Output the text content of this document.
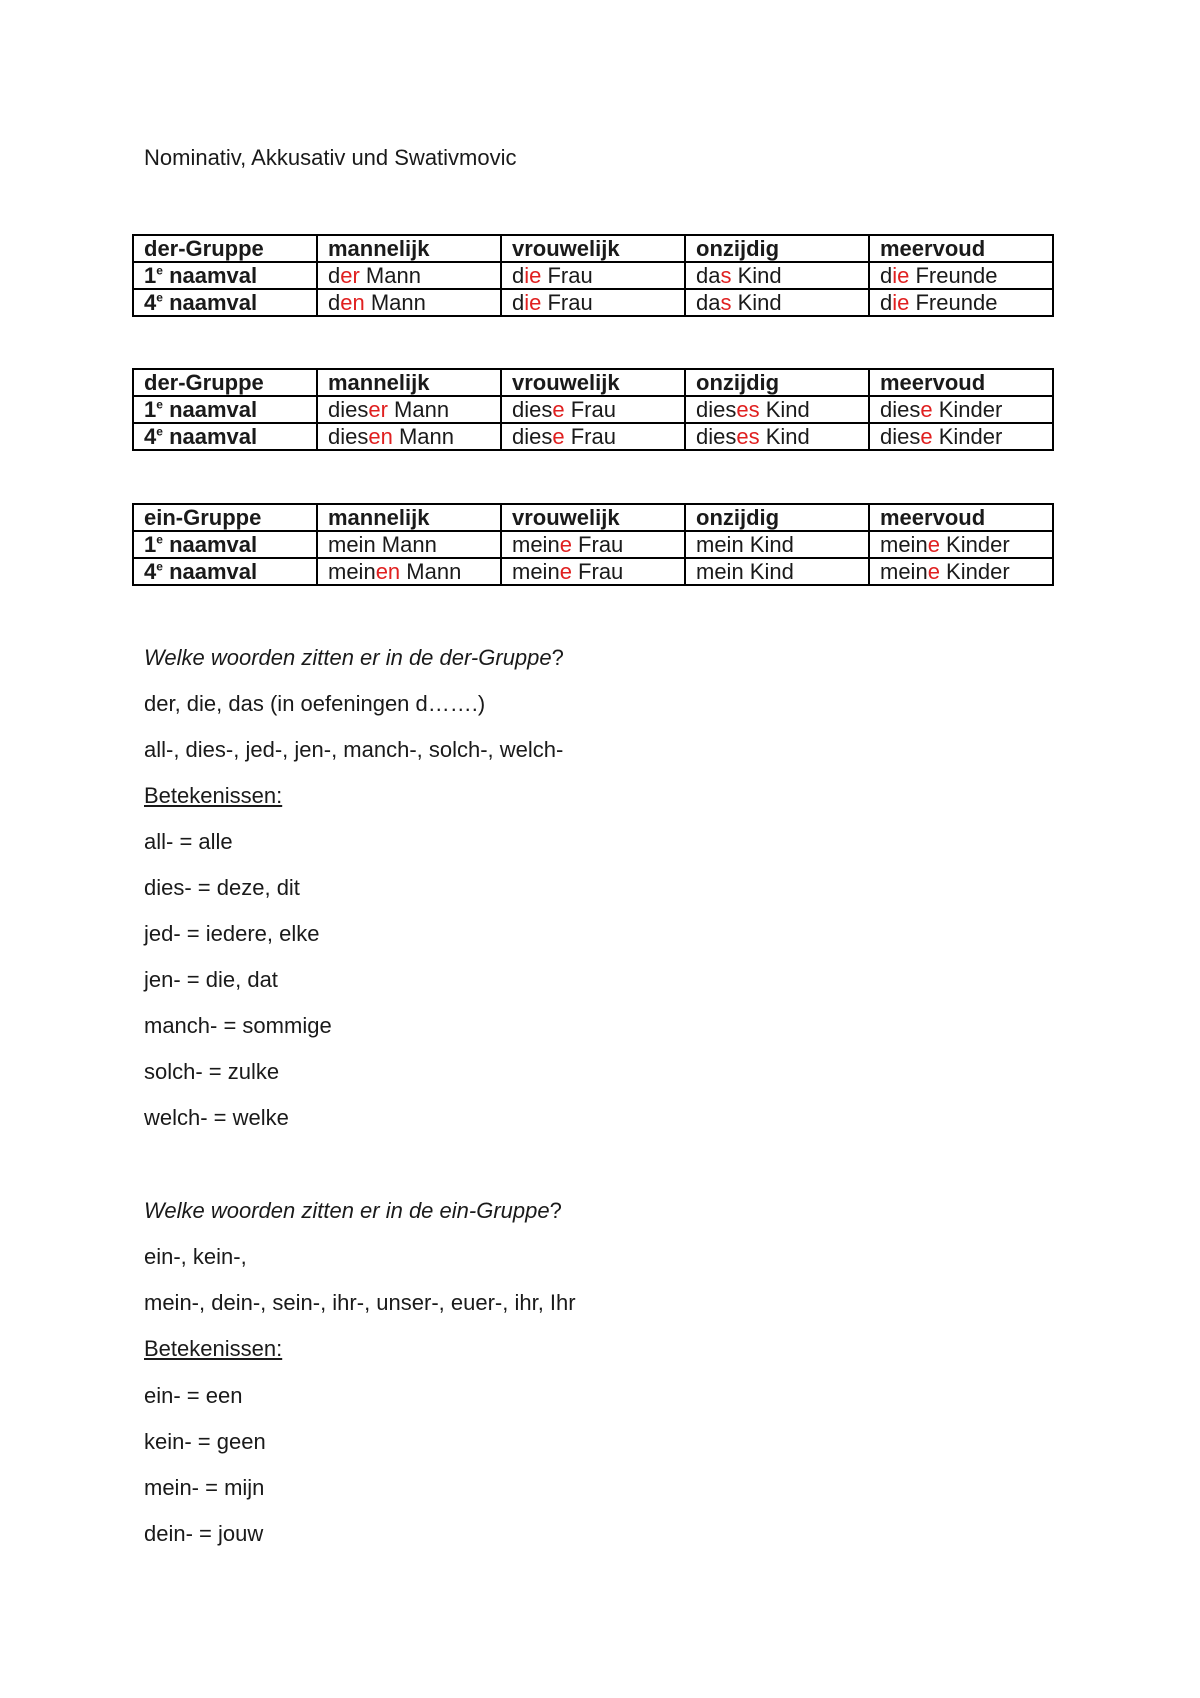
Nominativ, Akkusativ und Swativmovic

der-Gruppe	mannelijk	vrouwelijk	onzijdig	meervoud
1e naamval	der Mann	die Frau	das Kind	die Freunde
4e naamval	den Mann	die Frau	das Kind	die Freunde
der-Gruppe	mannelijk	vrouwelijk	onzijdig	meervoud
1e naamval	dieser Mann	diese Frau	dieses Kind	diese Kinder
4e naamval	diesen Mann	diese Frau	dieses Kind	diese Kinder
ein-Gruppe	mannelijk	vrouwelijk	onzijdig	meervoud
1e naamval	mein Mann	meine Frau	mein Kind	meine Kinder
4e naamval	meinen Mann	meine Frau	mein Kind	meine Kinder

Welke woorden zitten er in de der-Gruppe?

der, die, das (in oefeningen d…….)

all-, dies-, jed-, jen-, manch-, solch-, welch-

Betekenissen:

all- = alle

dies- = deze, dit

jed- = iedere, elke

jen- = die, dat

manch- = sommige

solch- = zulke

welch- = welke

Welke woorden zitten er in de ein-Gruppe?

ein-, kein-,

mein-, dein-, sein-, ihr-, unser-, euer-, ihr, Ihr

Betekenissen:

ein- = een

kein- = geen

mein- = mijn

dein- = jouw
